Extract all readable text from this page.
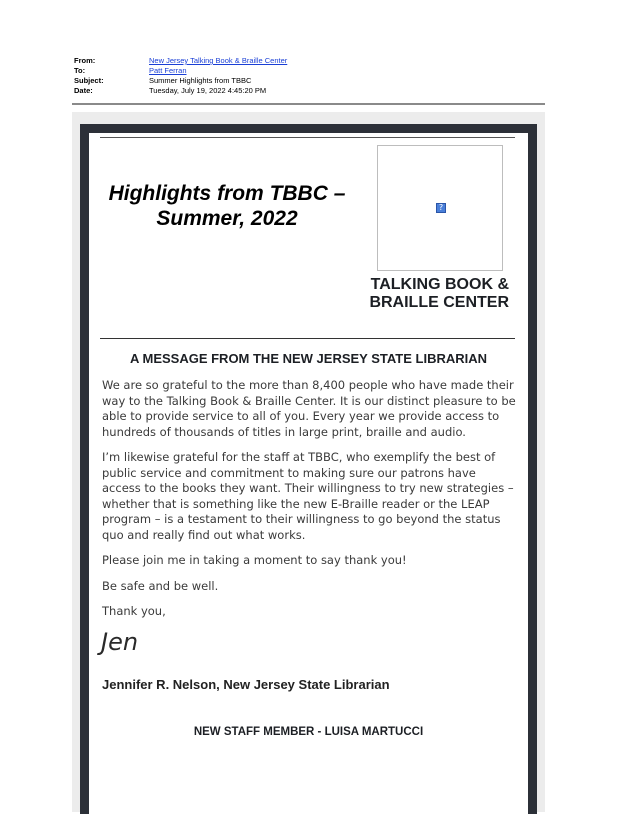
From:	New Jersey Talking Book & Braille Center
To:	Patt Ferran
Subject:	Summer Highlights from TBBC
Date:	Tuesday, July 19, 2022 4:45:20 PM
Highlights from TBBC –
Summer, 2022	?
TALKING BOOK &
BRAILLE CENTER
A MESSAGE FROM THE NEW JERSEY STATE LIBRARIAN

We are so grateful to the more than 8,400 people who have made their way to the Talking Book & Braille Center. It is our distinct pleasure to be able to provide service to all of you. Every year we provide access to hundreds of thousands of titles in large print, braille and audio.

I’m likewise grateful for the staff at TBBC, who exemplify the best of public service and commitment to making sure our patrons have access to the books they want. Their willingness to try new strategies – whether that is something like the new E-Braille reader or the LEAP program – is a testament to their willingness to go beyond the status quo and really find out what works.

Please join me in taking a moment to say thank you!

Be safe and be well.

Thank you,

Jen
Jennifer R. Nelson, New Jersey State Librarian
NEW STAFF MEMBER - LUISA MARTUCCI
